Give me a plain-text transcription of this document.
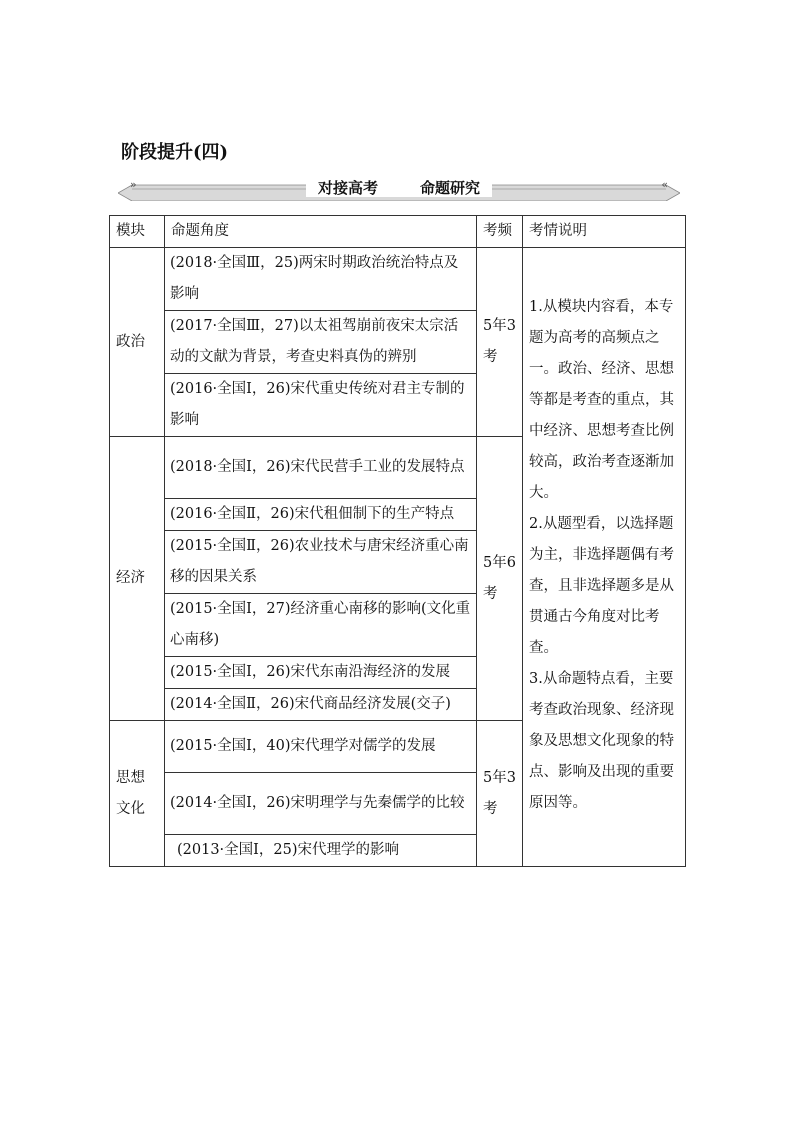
阶段提升(四)
»	«
对接高考	命题研究
模块	命题角度	考频	考情说明
政治	(2018·全国Ⅲ，25)两宋时期政治统治特点及影响	5年3考	1.从模块内容看，本专题为高考的高频点之一。政治、经济、思想等都是考查的重点，其中经济、思想考查比例较高，政治考查逐渐加大。
2.从题型看，以选择题为主，非选择题偶有考查，且非选择题多是从贯通古今角度对比考查。
3.从命题特点看，主要考查政治现象、经济现象及思想文化现象的特点、影响及出现的重要原因等。

	(2017·全国Ⅲ，27)以太祖驾崩前夜宋太宗活动的文献为背景，考查史料真伪的辨别		
	(2016·全国Ⅰ，26)宋代重史传统对君主专制的影响		
经济	(2018·全国Ⅰ，26)宋代民营手工业的发展特点	5年6考	
	(2016·全国Ⅱ，26)宋代租佃制下的生产特点		
	(2015·全国Ⅱ，26)农业技术与唐宋经济重心南移的因果关系		
	(2015·全国Ⅰ，27)经济重心南移的影响(文化重心南移)		
	(2015·全国Ⅰ，26)宋代东南沿海经济的发展		
	(2014·全国Ⅱ，26)宋代商品经济发展(交子)		
思想文化	(2015·全国Ⅰ，40)宋代理学对儒学的发展	5年3考	
	(2014·全国Ⅰ，26)宋明理学与先秦儒学的比较		
	(2013·全国Ⅰ，25)宋代理学的影响		
